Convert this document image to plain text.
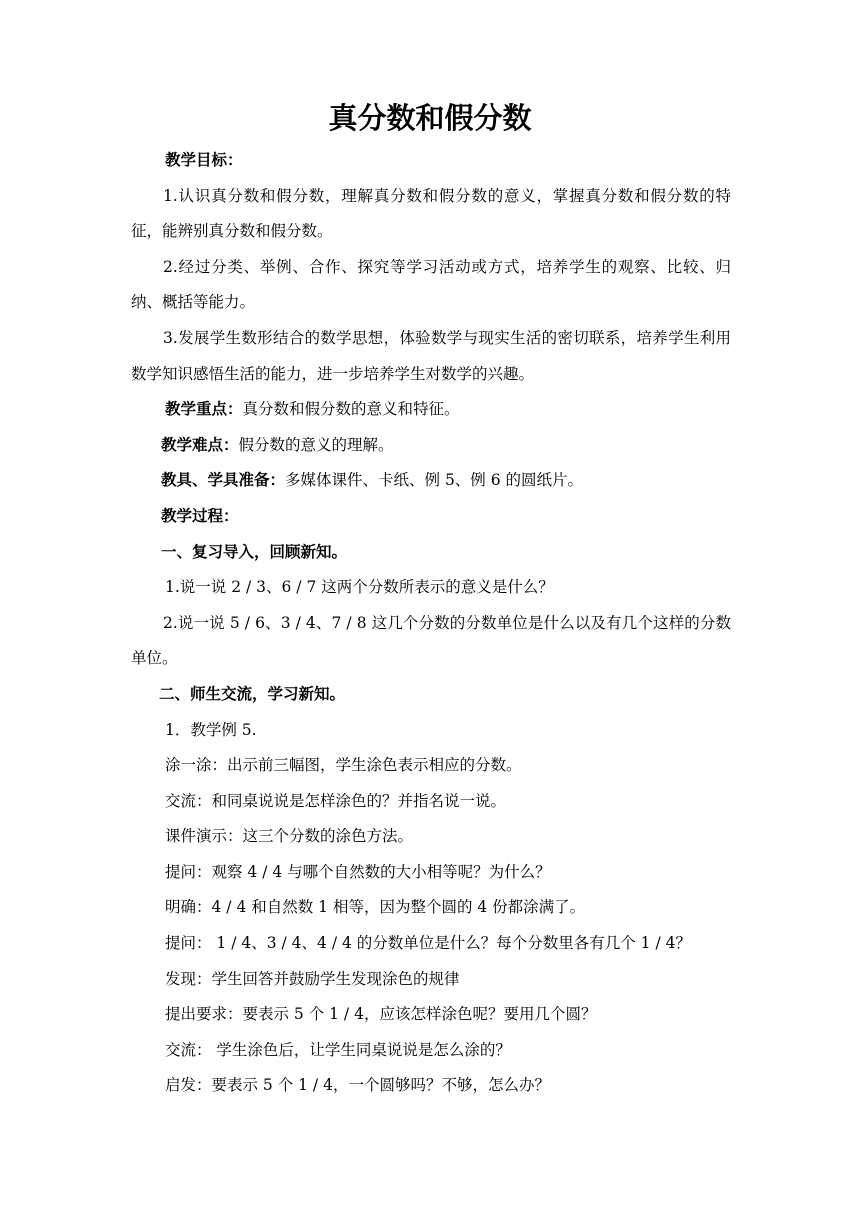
真分数和假分数

教学目标：

1.认识真分数和假分数，理解真分数和假分数的意义，掌握真分数和假分数的特征，能辨别真分数和假分数。

2.经过分类、举例、合作、探究等学习活动或方式，培养学生的观察、比较、归纳、概括等能力。

3.发展学生数形结合的数学思想，体验数学与现实生活的密切联系，培养学生利用数学知识感悟生活的能力，进一步培养学生对数学的兴趣。

教学重点：真分数和假分数的意义和特征。

教学难点：假分数的意义的理解。

教具、学具准备：多媒体课件、卡纸、例 5、例 6 的圆纸片。

教学过程：

一、复习导入，回顾新知。

1.说一说 2 / 3、6 / 7 这两个分数所表示的意义是什么？

2.说一说 5 / 6、3 / 4、7 / 8 这几个分数的分数单位是什么以及有几个这样的分数单位。

二、师生交流，学习新知。

1．教学例 5.

涂一涂：出示前三幅图，学生涂色表示相应的分数。

交流：和同桌说说是怎样涂色的？并指名说一说。

课件演示：这三个分数的涂色方法。

提问：观察 4 / 4 与哪个自然数的大小相等呢？为什么？

明确：4 / 4 和自然数 1 相等，因为整个圆的 4 份都涂满了。

提问： 1 / 4、3 / 4、4 / 4 的分数单位是什么？每个分数里各有几个 1 / 4？

发现：学生回答并鼓励学生发现涂色的规律

提出要求：要表示 5 个 1 / 4，应该怎样涂色呢？要用几个圆？

交流： 学生涂色后，让学生同桌说说是怎么涂的？

启发：要表示 5 个 1 / 4，一个圆够吗？不够，怎么办？
